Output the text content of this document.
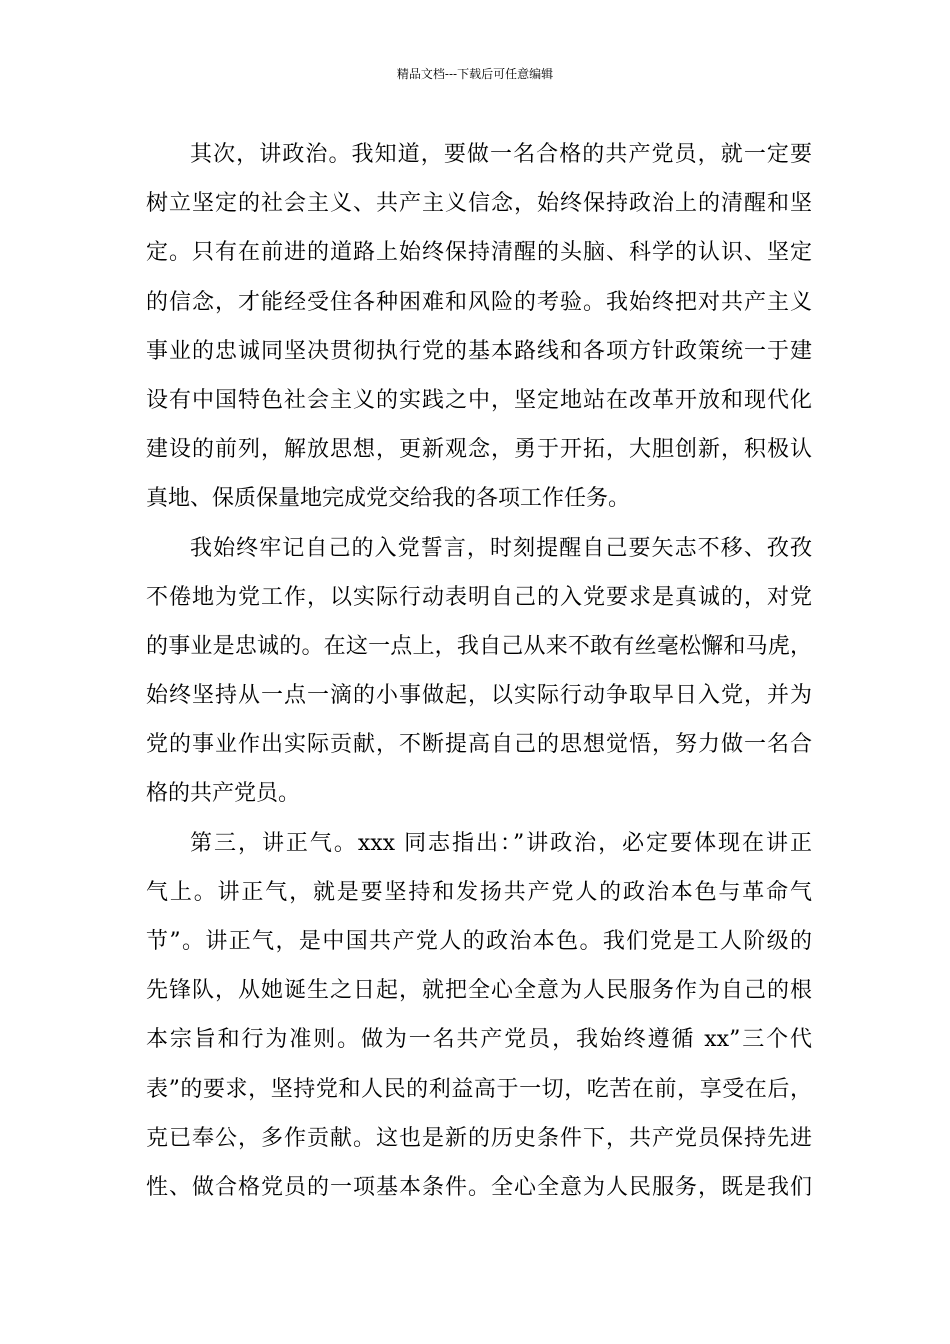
精品文档---下载后可任意编辑
其次，讲政治。我知道，要做一名合格的共产党员，就一定要
树立坚定的社会主义、共产主义信念，始终保持政治上的清醒和坚
定。只有在前进的道路上始终保持清醒的头脑、科学的认识、坚定
的信念，才能经受住各种困难和风险的考验。我始终把对共产主义
事业的忠诚同坚决贯彻执行党的基本路线和各项方针政策统一于建
设有中国特色社会主义的实践之中，坚定地站在改革开放和现代化
建设的前列，解放思想，更新观念，勇于开拓，大胆创新，积极认
真地、保质保量地完成党交给我的各项工作任务。
我始终牢记自己的入党誓言，时刻提醒自己要矢志不移、孜孜
不倦地为党工作，以实际行动表明自己的入党要求是真诚的，对党
的事业是忠诚的。在这一点上，我自己从来不敢有丝毫松懈和马虎，
始终坚持从一点一滴的小事做起，以实际行动争取早日入党，并为
党的事业作出实际贡献，不断提高自己的思想觉悟，努力做一名合
格的共产党员。
第三，讲正气。xxx 同志指出：”讲政治，必定要体现在讲正
气上。讲正气，就是要坚持和发扬共产党人的政治本色与革命气
节”。讲正气，是中国共产党人的政治本色。我们党是工人阶级的
先锋队，从她诞生之日起，就把全心全意为人民服务作为自己的根
本宗旨和行为准则。做为一名共产党员，我始终遵循 xx”三个代
表”的要求，坚持党和人民的利益高于一切，吃苦在前，享受在后，
克已奉公，多作贡献。这也是新的历史条件下，共产党员保持先进
性、做合格党员的一项基本条件。全心全意为人民服务，既是我们
